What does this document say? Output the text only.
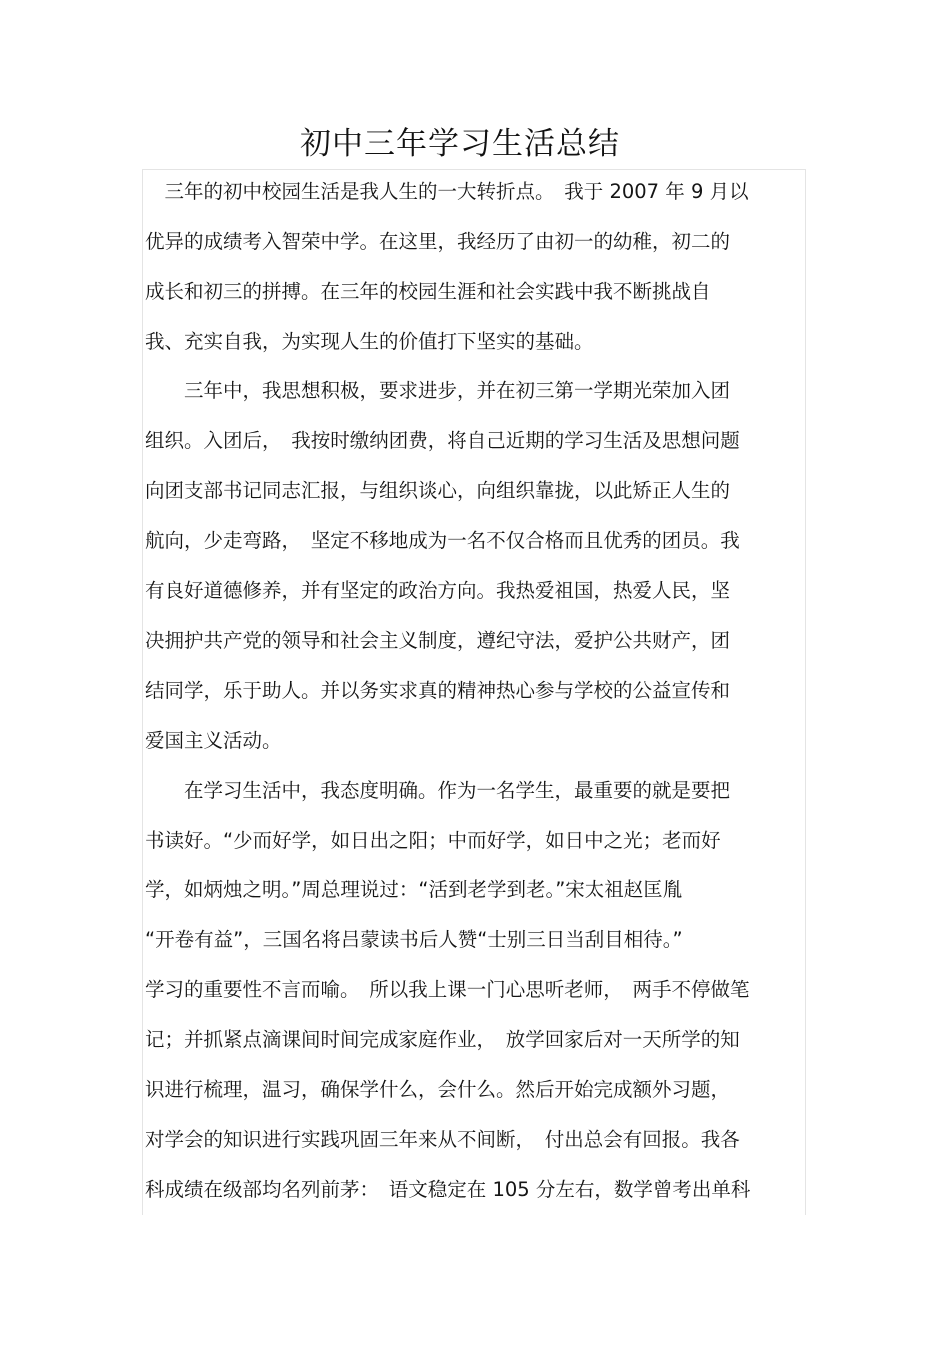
初中三年学习生活总结
　三年的初中校园生活是我人生的一大转折点。　我于 2007 年 9 月以
优异的成绩考入智荣中学。在这里，我经历了由初一的幼稚，初二的
成长和初三的拼搏。在三年的校园生涯和社会实践中我不断挑战自
我、充实自我，为实现人生的价值打下坚实的基础。
　　三年中，我思想积极，要求进步，并在初三第一学期光荣加入团
组织。入团后，　我按时缴纳团费，将自己近期的学习生活及思想问题
向团支部书记同志汇报，与组织谈心，向组织靠拢，以此矫正人生的
航向，少走弯路，　坚定不移地成为一名不仅合格而且优秀的团员。我
有良好道德修养，并有坚定的政治方向。我热爱祖国，热爱人民，坚
决拥护共产党的领导和社会主义制度，遵纪守法，爱护公共财产，团
结同学，乐于助人。并以务实求真的精神热心参与学校的公益宣传和
爱国主义活动。
　　在学习生活中，我态度明确。作为一名学生，最重要的就是要把
书读好。“少而好学，如日出之阳；中而好学，如日中之光；老而好
学，如炳烛之明。”周总理说过：“活到老学到老。”宋太祖赵匡胤
“开卷有益”，三国名将吕蒙读书后人赞“士别三日当刮目相待。”
学习的重要性不言而喻。　所以我上课一门心思听老师，　两手不停做笔
记；并抓紧点滴课间时间完成家庭作业，　放学回家后对一天所学的知
识进行梳理，温习，确保学什么，会什么。然后开始完成额外习题，
对学会的知识进行实践巩固三年来从不间断，　付出总会有回报。我各
科成绩在级部均名列前茅：　语文稳定在 105 分左右，数学曾考出单科
